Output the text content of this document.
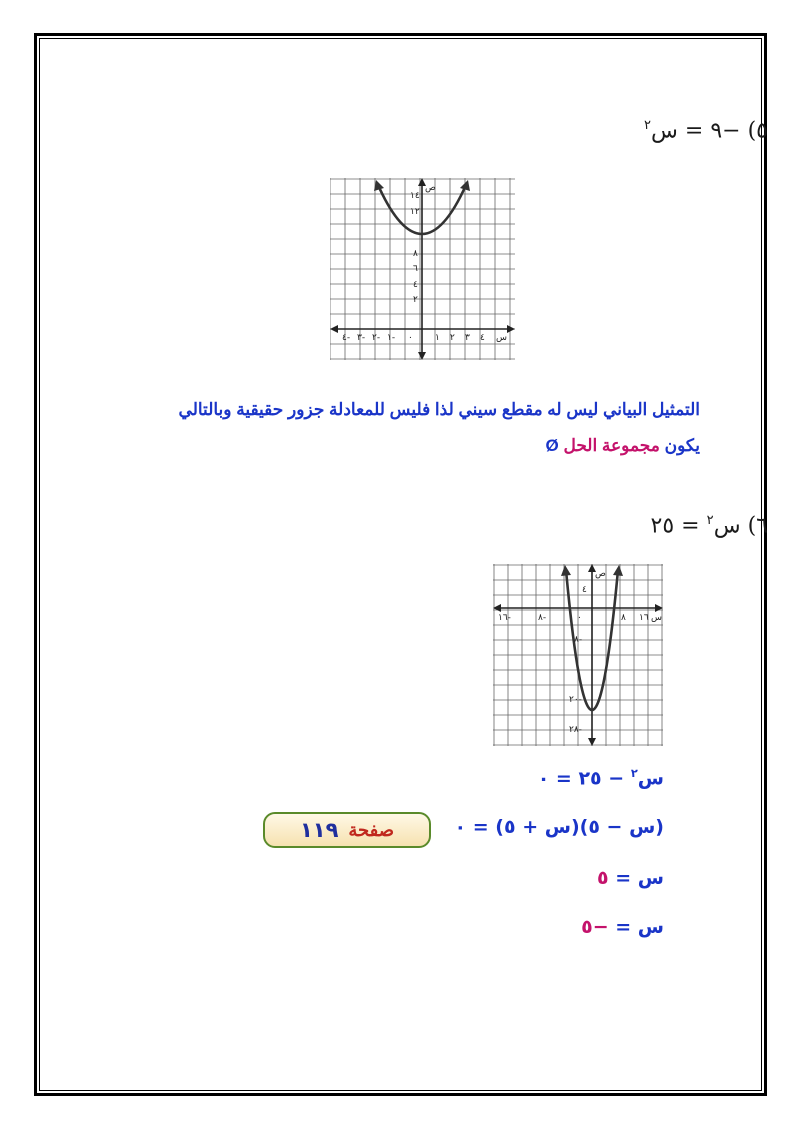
٥) −٩ = س$^٢$
ص
١٤
١٢
٨
٦
٤
٢
٤- ٣- ٢- ١- ٠ ١ ٢ ٣ ٤ س
التمثيل البياني ليس له مقطع سيني لذا فليس للمعادلة جزور حقيقية وبالتالي
يكون مجموعة الحل Ø
٦) س$^٢$ = ٢٥
ص
٤
٨-
٢٠-
٢٨-
١٦-	٨-	٠	٨ ١٦ س
س$^٢$ − ٢٥ = ٠
(س − ٥)(س + ٥) = ٠
س = ٥
س = −٥
صفحة
١١٩
